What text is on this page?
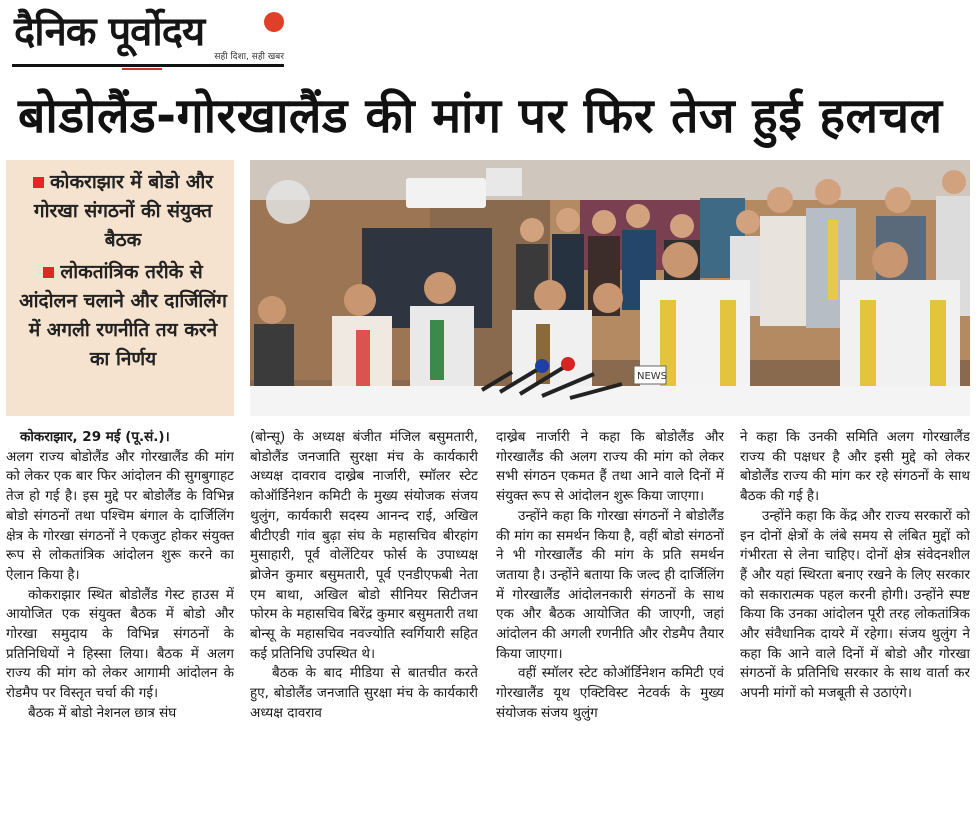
दैनिक पूर्वोदय
सही दिशा, सही खबर
बोडोलैंड-गोरखालैंड की मांग पर फिर तेज हुई हलचल
कोकराझार में बोडो और गोरखा संगठनों की संयुक्त बैठक
लोकतांत्रिक तरीके से आंदोलन चलाने और दार्जिलिंग में अगली रणनीति तय करने का निर्णय
NEWS

कोकराझार, 29 मई (पू.सं.)।

अलग राज्य बोडोलैंड और गोरखालैंड की मांग को लेकर एक बार फिर आंदोलन की सुगबुगाहट तेज हो गई है। इस मुद्दे पर बोडोलैंड के विभिन्न बोडो संगठनों तथा पश्चिम बंगाल के दार्जिलिंग क्षेत्र के गोरखा संगठनों ने एकजुट होकर संयुक्त रूप से लोकतांत्रिक आंदोलन शुरू करने का ऐलान किया है।

कोकराझार स्थित बोडोलैंड गेस्ट हाउस में आयोजित एक संयुक्त बैठक में बोडो और गोरखा समुदाय के विभिन्न संगठनों के प्रतिनिधियों ने हिस्सा लिया। बैठक में अलग राज्य की मांग को लेकर आगामी आंदोलन के रोडमैप पर विस्तृत चर्चा की गई।

बैठक में बोडो नेशनल छात्र संघ

(बोन्सू) के अध्यक्ष बंजीत मंजिल बसुमतारी, बोडोलैंड जनजाति सुरक्षा मंच के कार्यकारी अध्यक्ष दावराव दाख्रेब नार्जारी, स्मॉलर स्टेट कोऑर्डिनेशन कमिटी के मुख्य संयोजक संजय थुलुंग, कार्यकारी सदस्य आनन्द राई, अखिल बीटीएडी गांव बुढ़ा संघ के महासचिव बीरहांग मुसाहारी, पूर्व वोलेंटियर फोर्स के उपाध्यक्ष ब्रोजेन कुमार बसुमतारी, पूर्व एनडीएफबी नेता एम बाथा, अखिल बोडो सीनियर सिटीजन फोरम के महासचिव बिरेंद्र कुमार बसुमतारी तथा बोन्सू के महासचिव नवज्योति स्वर्गियारी सहित कई प्रतिनिधि उपस्थित थे।

बैठक के बाद मीडिया से बातचीत करते हुए, बोडोलैंड जनजाति सुरक्षा मंच के कार्यकारी अध्यक्ष दावराव

दाख्रेब नार्जारी ने कहा कि बोडोलैंड और गोरखालैंड की अलग राज्य की मांग को लेकर सभी संगठन एकमत हैं तथा आने वाले दिनों में संयुक्त रूप से आंदोलन शुरू किया जाएगा।

उन्होंने कहा कि गोरखा संगठनों ने बोडोलैंड की मांग का समर्थन किया है, वहीं बोडो संगठनों ने भी गोरखालैंड की मांग के प्रति समर्थन जताया है। उन्होंने बताया कि जल्द ही दार्जिलिंग में गोरखालैंड आंदोलनकारी संगठनों के साथ एक और बैठक आयोजित की जाएगी, जहां आंदोलन की अगली रणनीति और रोडमैप तैयार किया जाएगा।

वहीं स्मॉलर स्टेट कोऑर्डिनेशन कमिटी एवं गोरखालैंड यूथ एक्टिविस्ट नेटवर्क के मुख्य संयोजक संजय थुलुंग

ने कहा कि उनकी समिति अलग गोरखालैंड राज्य की पक्षधर है और इसी मुद्दे को लेकर बोडोलैंड राज्य की मांग कर रहे संगठनों के साथ बैठक की गई है।

उन्होंने कहा कि केंद्र और राज्य सरकारों को इन दोनों क्षेत्रों के लंबे समय से लंबित मुद्दों को गंभीरता से लेना चाहिए। दोनों क्षेत्र संवेदनशील हैं और यहां स्थिरता बनाए रखने के लिए सरकार को सकारात्मक पहल करनी होगी। उन्होंने स्पष्ट किया कि उनका आंदोलन पूरी तरह लोकतांत्रिक और संवैधानिक दायरे में रहेगा। संजय थुलुंग ने कहा कि आने वाले दिनों में बोडो और गोरखा संगठनों के प्रतिनिधि सरकार के साथ वार्ता कर अपनी मांगों को मजबूती से उठाएंगे।
